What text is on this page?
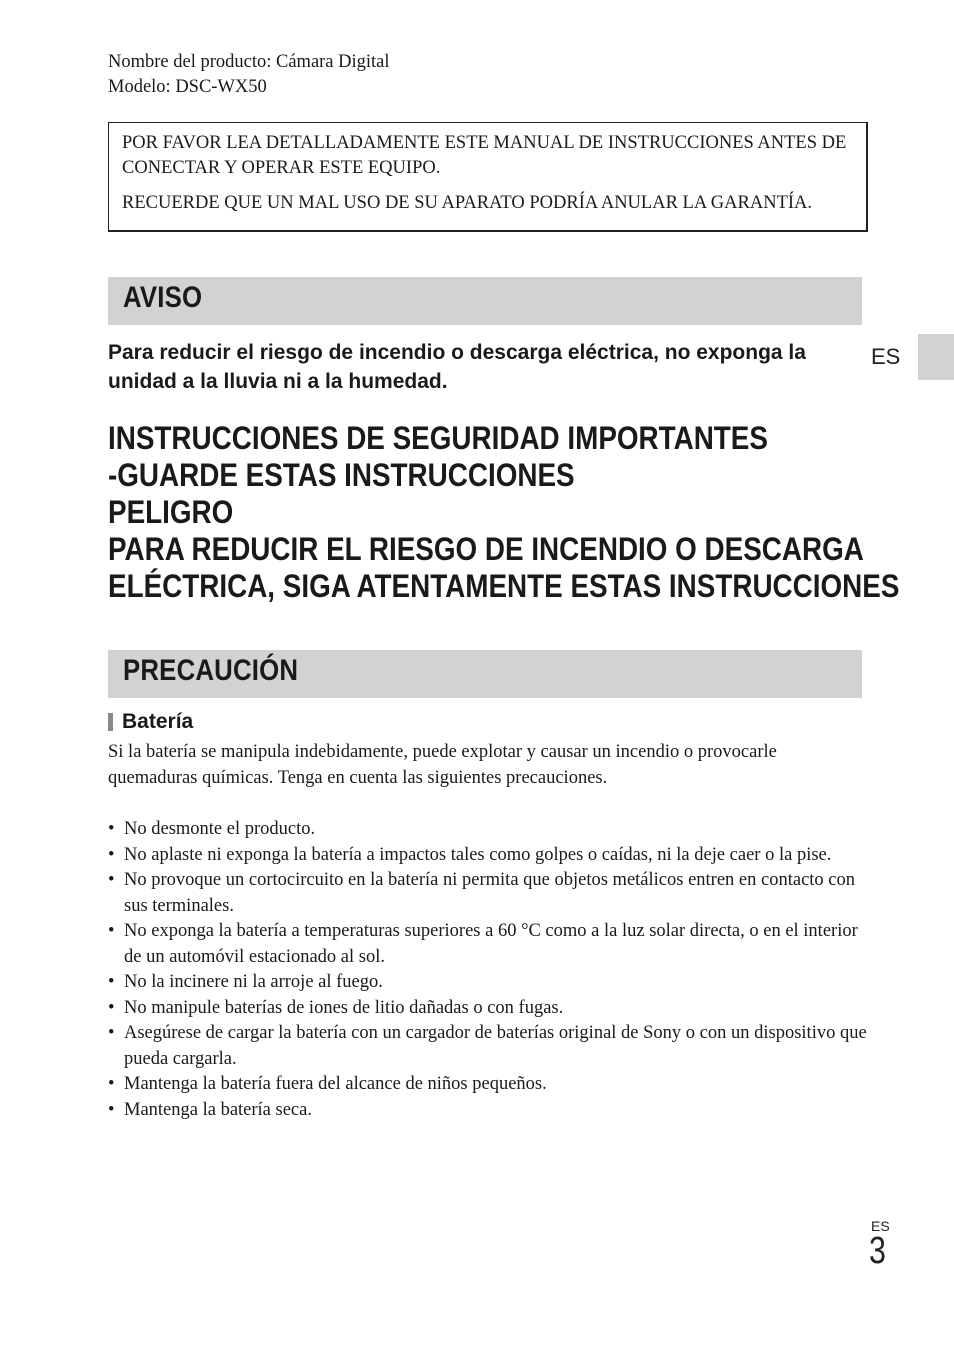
Nombre del producto: Cámara Digital
Modelo: DSC-WX50

POR FAVOR LEA DETALLADAMENTE ESTE MANUAL DE INSTRUCCIONES ANTES DE CONECTAR Y OPERAR ESTE EQUIPO.

RECUERDE QUE UN MAL USO DE SU APARATO PODRÍA ANULAR LA GARANTÍA.

AVISO
ES
Para reducir el riesgo de incendio o descarga eléctrica, no exponga la unidad a la lluvia ni a la humedad.
INSTRUCCIONES DE SEGURIDAD IMPORTANTES
-GUARDE ESTAS INSTRUCCIONES
PELIGRO
PARA REDUCIR EL RIESGO DE INCENDIO O DESCARGA
ELÉCTRICA, SIGA ATENTAMENTE ESTAS INSTRUCCIONES
PRECAUCIÓN
Batería

Si la batería se manipula indebidamente, puede explotar y causar un incendio o provocarle quemaduras químicas. Tenga en cuenta las siguientes precauciones.

• No desmonte el producto.
• No aplaste ni exponga la batería a impactos tales como golpes o caídas, ni la deje caer o la pise.
• No provoque un cortocircuito en la batería ni permita que objetos metálicos entren en contacto con sus terminales.
• No exponga la batería a temperaturas superiores a 60 °C como a la luz solar directa, o en el interior de un automóvil estacionado al sol.
• No la incinere ni la arroje al fuego.
• No manipule baterías de iones de litio dañadas o con fugas.
• Asegúrese de cargar la batería con un cargador de baterías original de Sony o con un dispositivo que pueda cargarla.
• Mantenga la batería fuera del alcance de niños pequeños.
• Mantenga la batería seca.
ES
3
